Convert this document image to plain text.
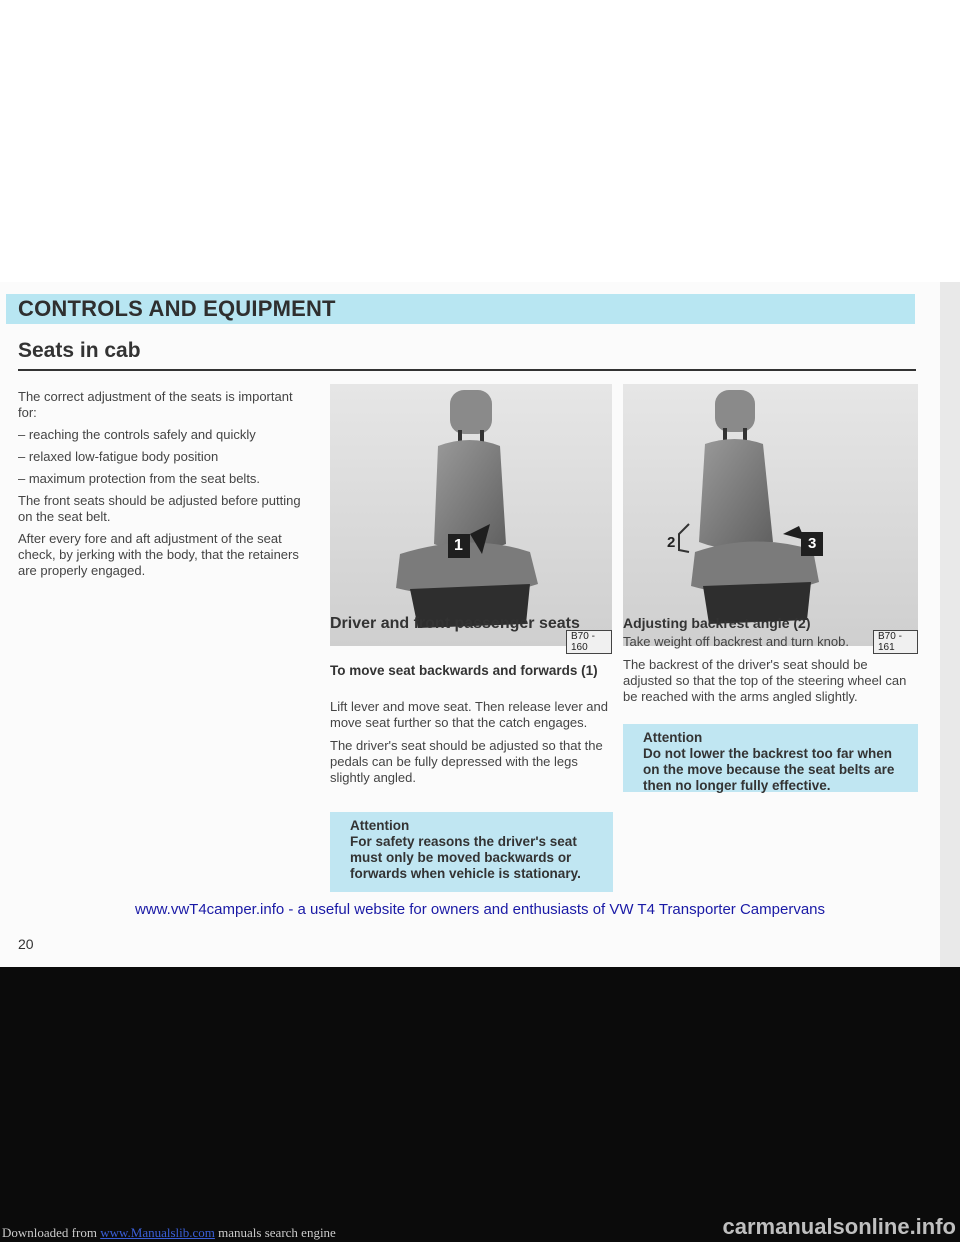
CONTROLS AND EQUIPMENT
Seats in cab

The correct adjustment of the seats is important for:

– reaching the controls safely and quickly

– relaxed low-fatigue body position

– maximum protection from the seat belts.

The front seats should be adjusted before putting on the seat belt.

After every fore and aft adjustment of the seat check, by jerking with the body, that the retainers are properly engaged.

B70 - 160
1
B70 - 161
2	3
Driver and front passenger seats
To move seat backwards and forwards (1)

Lift lever and move seat. Then release lever and move seat further so that the catch engages.

The driver's seat should be adjusted so that the pedals can be fully depressed with the legs slightly angled.

Attention
For safety reasons the driver's seat must only be moved backwards or forwards when vehicle is stationary.
Adjusting backrest angle (2)

Take weight off backrest and turn knob.

The backrest of the driver's seat should be adjusted so that the top of the steering wheel can be reached with the arms angled slightly.

Attention
Do not lower the backrest too far when on the move because the seat belts are then no longer fully effective.
www.vwT4camper.info - a useful website for owners and enthusiasts of VW T4 Transporter Campervans
20
Downloaded from www.Manualslib.com manuals search engine	carmanualsonline.info
